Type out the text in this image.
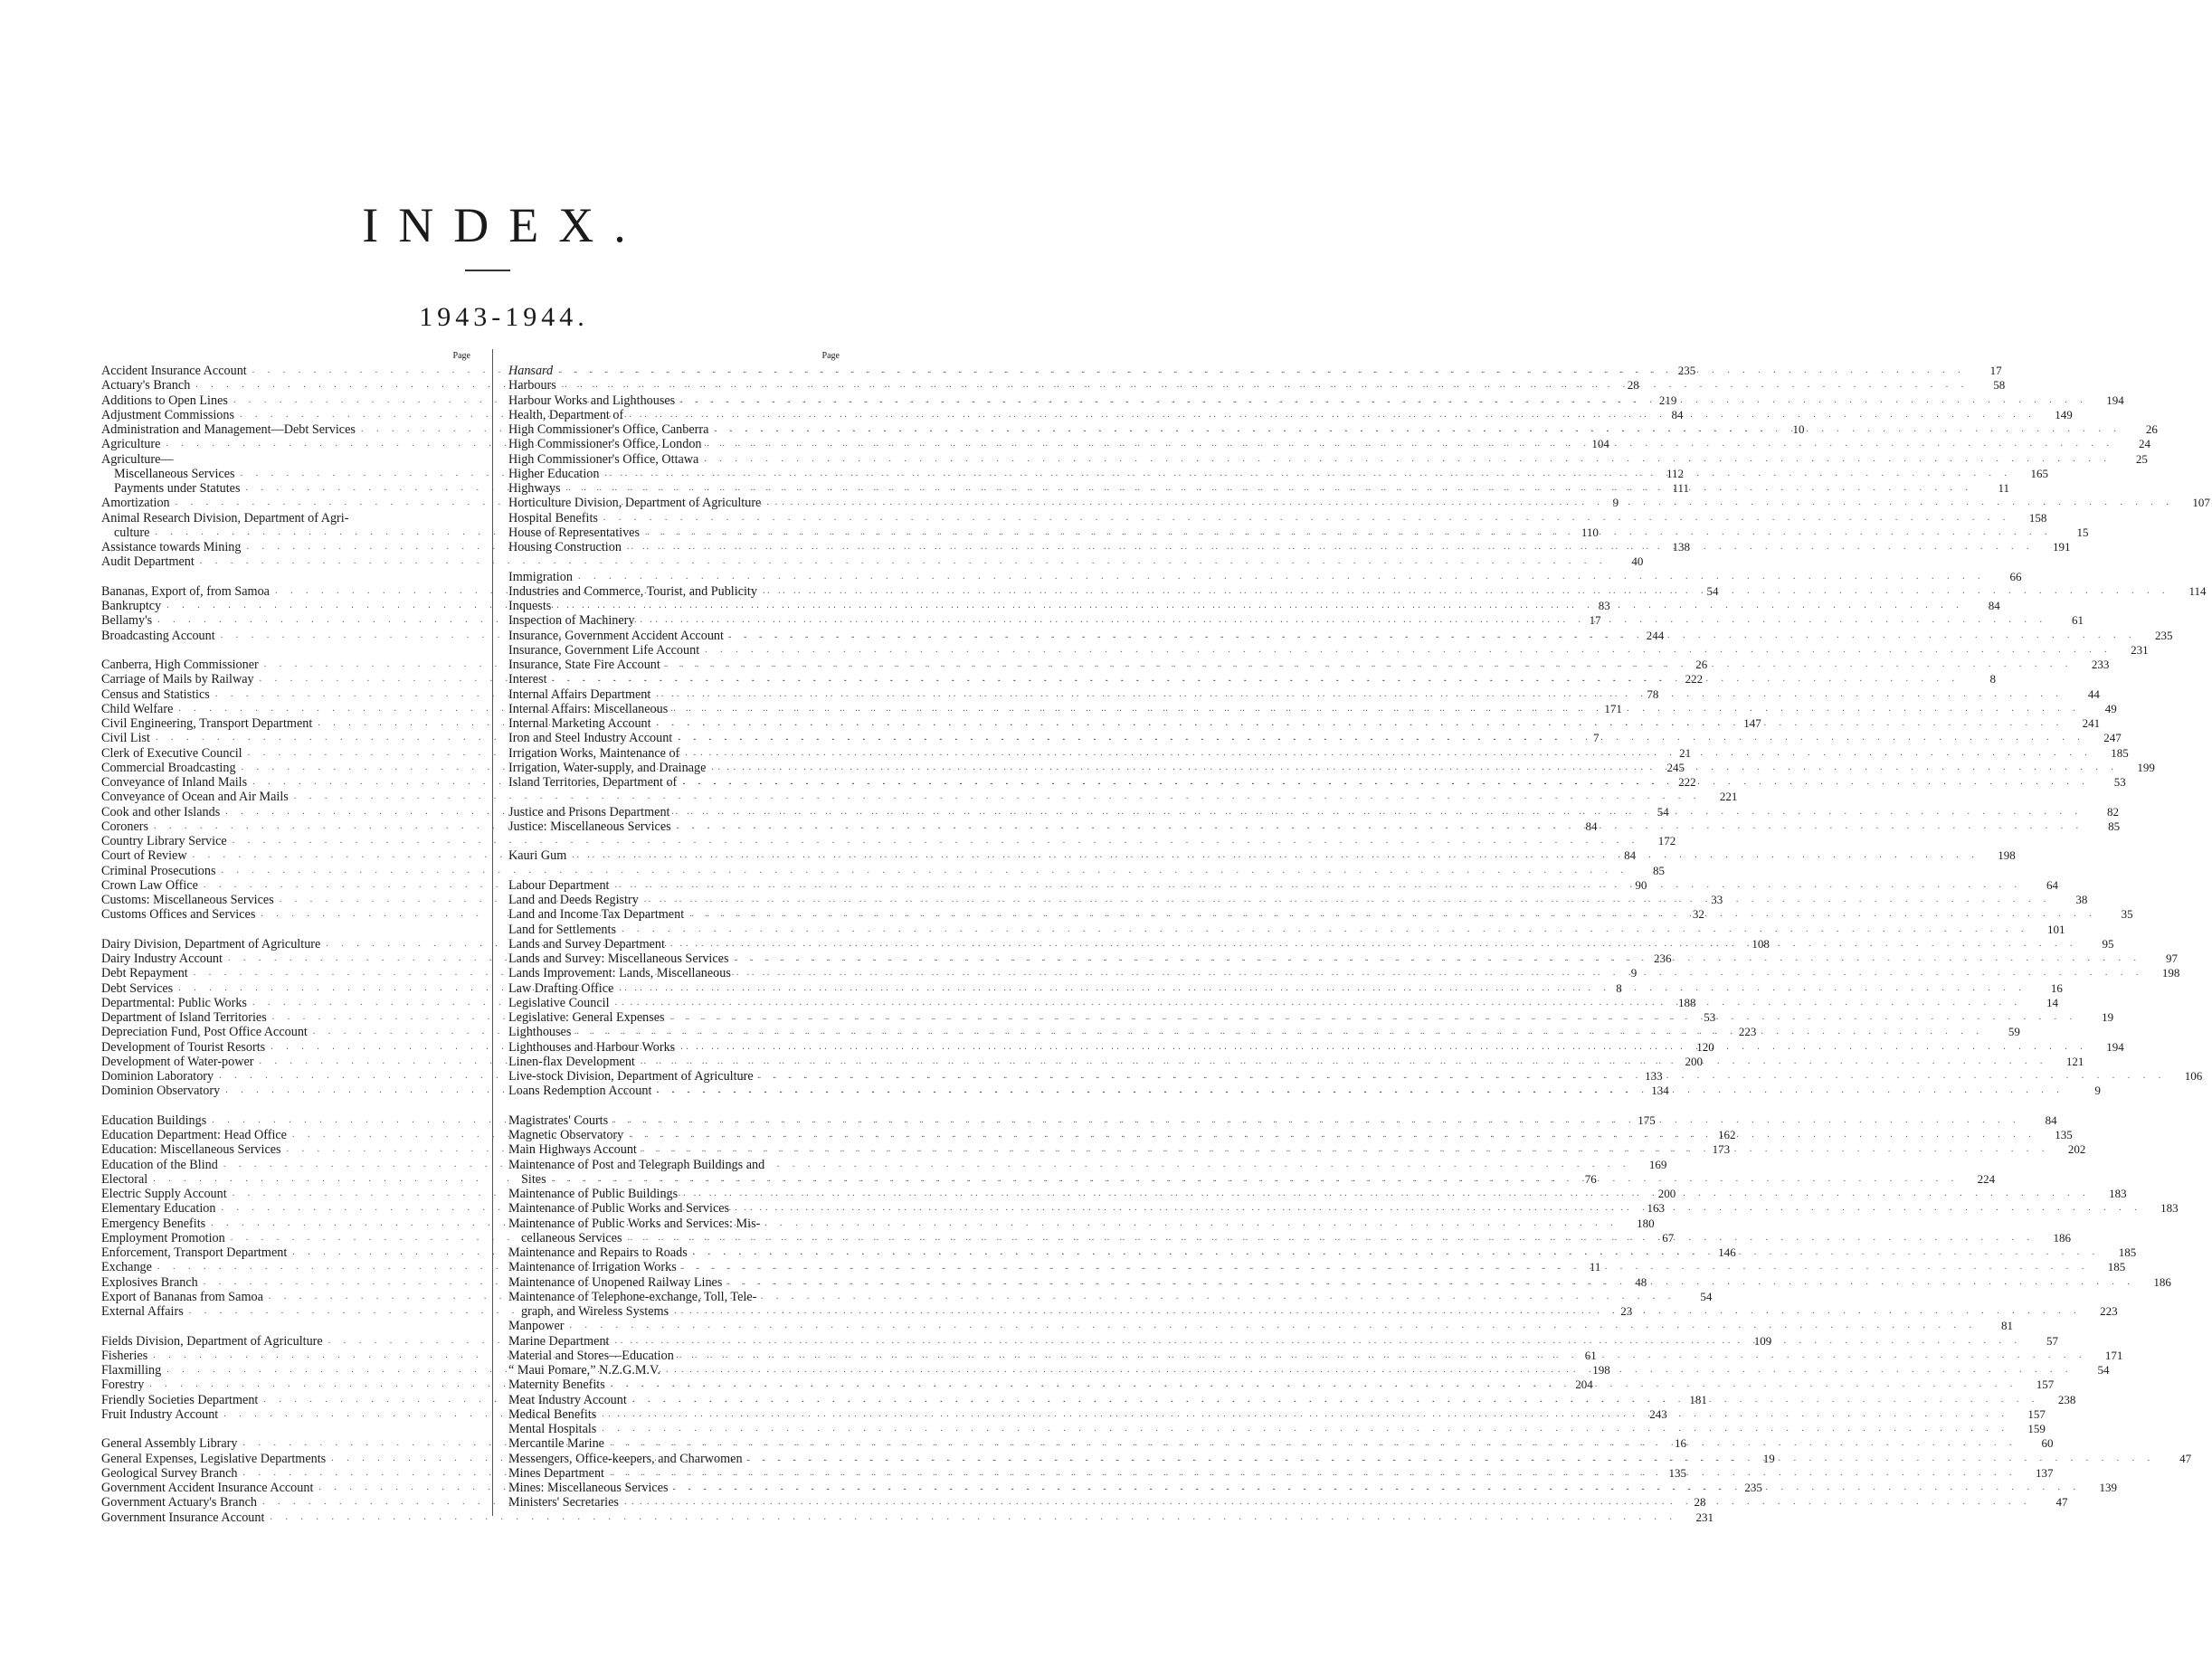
INDEX.
1943-1944.
Page
Accident Insurance Account . . .	235
Actuary's Branch . . .	28
Additions to Open Lines . . .	219
Adjustment Commissions . . .	84
Administration and Management—Debt Services . . .	10
Agriculture . . .	104
Agriculture—
Miscellaneous Services . . .	112
Payments under Statutes . . .	111
Amortization . . .	9
Animal Research Division, Department of Agri-
culture . . .	110
Assistance towards Mining . . .	138
Audit Department . . .	40
Bananas, Export of, from Samoa . . .	54
Bankruptcy . . .	83
Bellamy's . . .	17
Broadcasting Account . . .	244
Canberra, High Commissioner . . .	26
Carriage of Mails by Railway . . .	222
Census and Statistics . . .	78
Child Welfare . . .	171
Civil Engineering, Transport Department . . .	147
Civil List . . .	7
Clerk of Executive Council . . .	21
Commercial Broadcasting . . .	245
Conveyance of Inland Mails . . .	222
Conveyance of Ocean and Air Mails . . .	221
Cook and other Islands . . .	54
Coroners . . .	84
Country Library Service . . .	172
Court of Review . . .	84
Criminal Prosecutions . . .	85
Crown Law Office . . .	90
Customs: Miscellaneous Services . . .	33
Customs Offices and Services . . .	32
Dairy Division, Department of Agriculture . . .	108
Dairy Industry Account . . .	236
Debt Repayment . . .	9
Debt Services . . .	8
Departmental: Public Works . . .	188
Department of Island Territories . . .	53
Depreciation Fund, Post Office Account . . .	223
Development of Tourist Resorts . . .	120
Development of Water-power . . .	200
Dominion Laboratory . . .	133
Dominion Observatory . . .	134
Education Buildings . . .	175
Education Department: Head Office . . .	162
Education: Miscellaneous Services . . .	173
Education of the Blind . . .	169
Electoral . . .	76
Electric Supply Account . . .	200
Elementary Education . . .	163
Emergency Benefits . . .	180
Employment Promotion . . .	67
Enforcement, Transport Department . . .	146
Exchange . . .	11
Explosives Branch . . .	48
Export of Bananas from Samoa . . .	54
External Affairs . . .	23
Fields Division, Department of Agriculture . . .	109
Fisheries . . .	61
Flaxmilling . . .	198
Forestry . . .	204
Friendly Societies Department . . .	181
Fruit Industry Account . . .	243
General Assembly Library . . .	16
General Expenses, Legislative Departments . . .	19
Geological Survey Branch . . .	135
Government Accident Insurance Account . . .	235
Government Actuary's Branch . . .	28
Government Insurance Account . . .	231
Page
Hansard . . .	17
Harbours . . .	58
Harbour Works and Lighthouses . . .	194
Health, Department of . . .	149
High Commissioner's Office, Canberra . . .	26
High Commissioner's Office, London . . .	24
High Commissioner's Office, Ottawa . . .	25
Higher Education . . .	165
Highways . . .	11
Horticulture Division, Department of Agriculture . . .	107
Hospital Benefits . . .	158
House of Representatives . . .	15
Housing Construction . . .	191
Immigration . . .	66
Industries and Commerce, Tourist, and Publicity . . .	114
Inquests . . .	84
Inspection of Machinery . . .	61
Insurance, Government Accident Account . . .	235
Insurance, Government Life Account . . .	231
Insurance, State Fire Account . . .	233
Interest . . .	8
Internal Affairs Department . . .	44
Internal Affairs: Miscellaneous . . .	49
Internal Marketing Account . . .	241
Iron and Steel Industry Account . . .	247
Irrigation Works, Maintenance of . . .	185
Irrigation, Water-supply, and Drainage . . .	199
Island Territories, Department of . . .	53
Justice and Prisons Department . . .	82
Justice: Miscellaneous Services . . .	85
Kauri Gum . . .	198
Labour Department . . .	64
Land and Deeds Registry . . .	38
Land and Income Tax Department . . .	35
Land for Settlements . . .	101
Lands and Survey Department . . .	95
Lands and Survey: Miscellaneous Services . . .	97
Lands Improvement: Lands, Miscellaneous . . .	198
Law Drafting Office . . .	16
Legislative Council . . .	14
Legislative: General Expenses . . .	19
Lighthouses . . .	59
Lighthouses and Harbour Works . . .	194
Linen-flax Development . . .	121
Live-stock Division, Department of Agriculture . . .	106
Loans Redemption Account . . .	9
Magistrates' Courts . . .	84
Magnetic Observatory . . .	135
Main Highways Account . . .	202
Maintenance of Post and Telegraph Buildings and
Sites . . .	224
Maintenance of Public Buildings . . .	183
Maintenance of Public Works and Services . . .	183
Maintenance of Public Works and Services: Mis-
cellaneous Services . . .	186
Maintenance and Repairs to Roads . . .	185
Maintenance of Irrigation Works . . .	185
Maintenance of Unopened Railway Lines . . .	186
Maintenance of Telephone-exchange, Toll, Tele-
graph, and Wireless Systems . . .	223
Manpower . . .	81
Marine Department . . .	57
Material and Stores—Education . . .	171
“ Maui Pomare,” N.Z.G.M.V. . . .	54
Maternity Benefits . . .	157
Meat Industry Account . . .	238
Medical Benefits . . .	157
Mental Hospitals . . .	159
Mercantile Marine . . .	60
Messengers, Office-keepers, and Charwomen . . .	47
Mines Department . . .	137
Mines: Miscellaneous Services . . .	139
Ministers' Secretaries . . .	47
